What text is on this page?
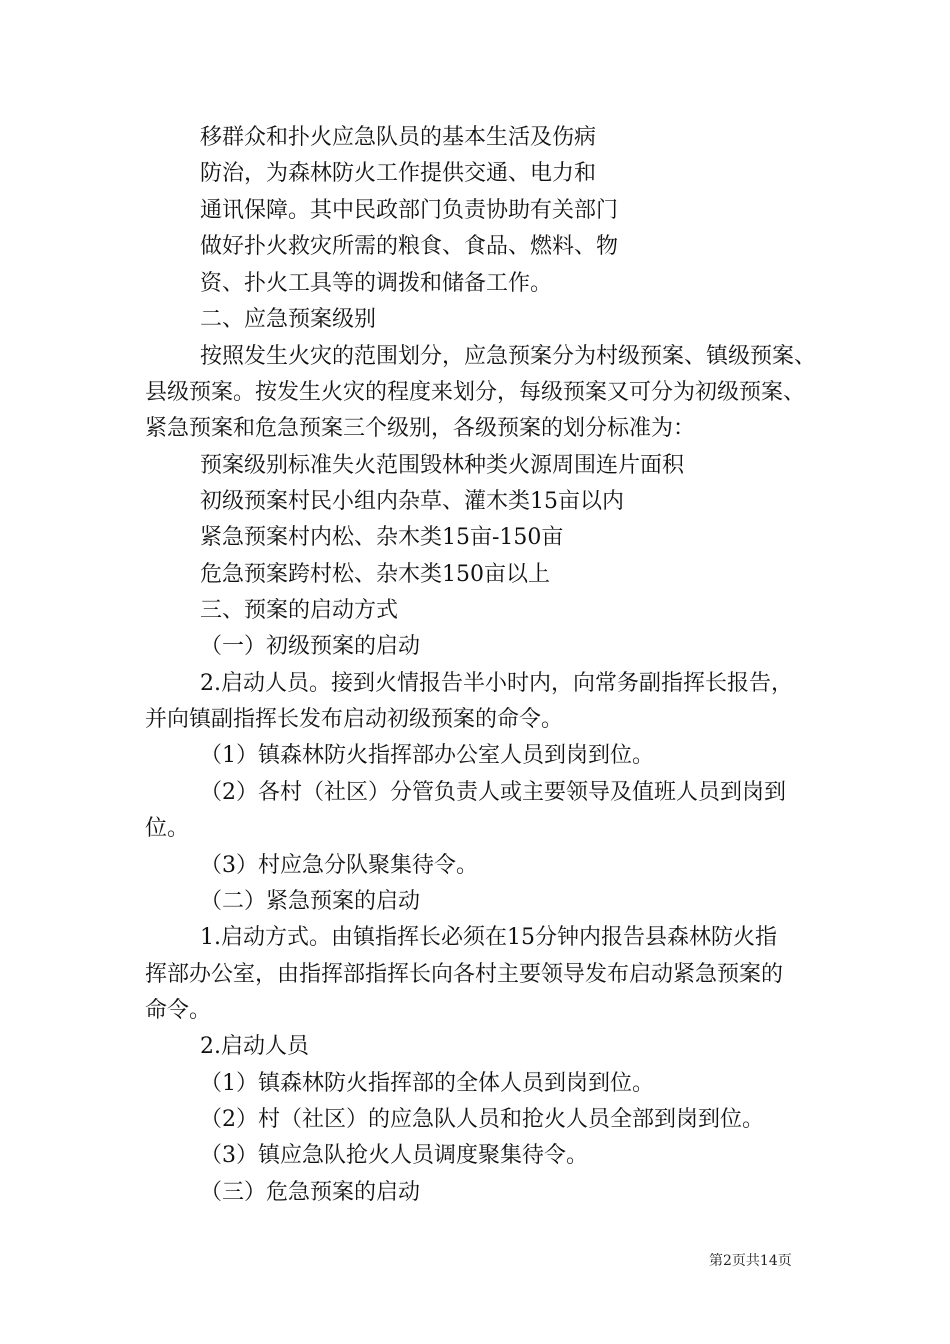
移群众和扑火应急队员的基本生活及伤病
防治，为森林防火工作提供交通、电力和
通讯保障。其中民政部门负责协助有关部门
做好扑火救灾所需的粮食、食品、燃料、物
资、扑火工具等的调拨和储备工作。
二、应急预案级别
按照发生火灾的范围划分，应急预案分为村级预案、镇级预案、
县级预案。按发生火灾的程度来划分，每级预案又可分为初级预案、
紧急预案和危急预案三个级别，各级预案的划分标准为：
预案级别标准失火范围毁林种类火源周围连片面积
初级预案村民小组内杂草、灌木类15亩以内
紧急预案村内松、杂木类15亩-150亩
危急预案跨村松、杂木类150亩以上
三、预案的启动方式
（一）初级预案的启动
2.启动人员。接到火情报告半小时内，向常务副指挥长报告，
并向镇副指挥长发布启动初级预案的命令。
（1）镇森林防火指挥部办公室人员到岗到位。
（2）各村（社区）分管负责人或主要领导及值班人员到岗到
位。
（3）村应急分队聚集待令。
（二）紧急预案的启动
1.启动方式。由镇指挥长必须在15分钟内报告县森林防火指
挥部办公室，由指挥部指挥长向各村主要领导发布启动紧急预案的
命令。
2.启动人员
（1）镇森林防火指挥部的全体人员到岗到位。
（2）村（社区）的应急队人员和抢火人员全部到岗到位。
（3）镇应急队抢火人员调度聚集待令。
（三）危急预案的启动
第2页共14页
